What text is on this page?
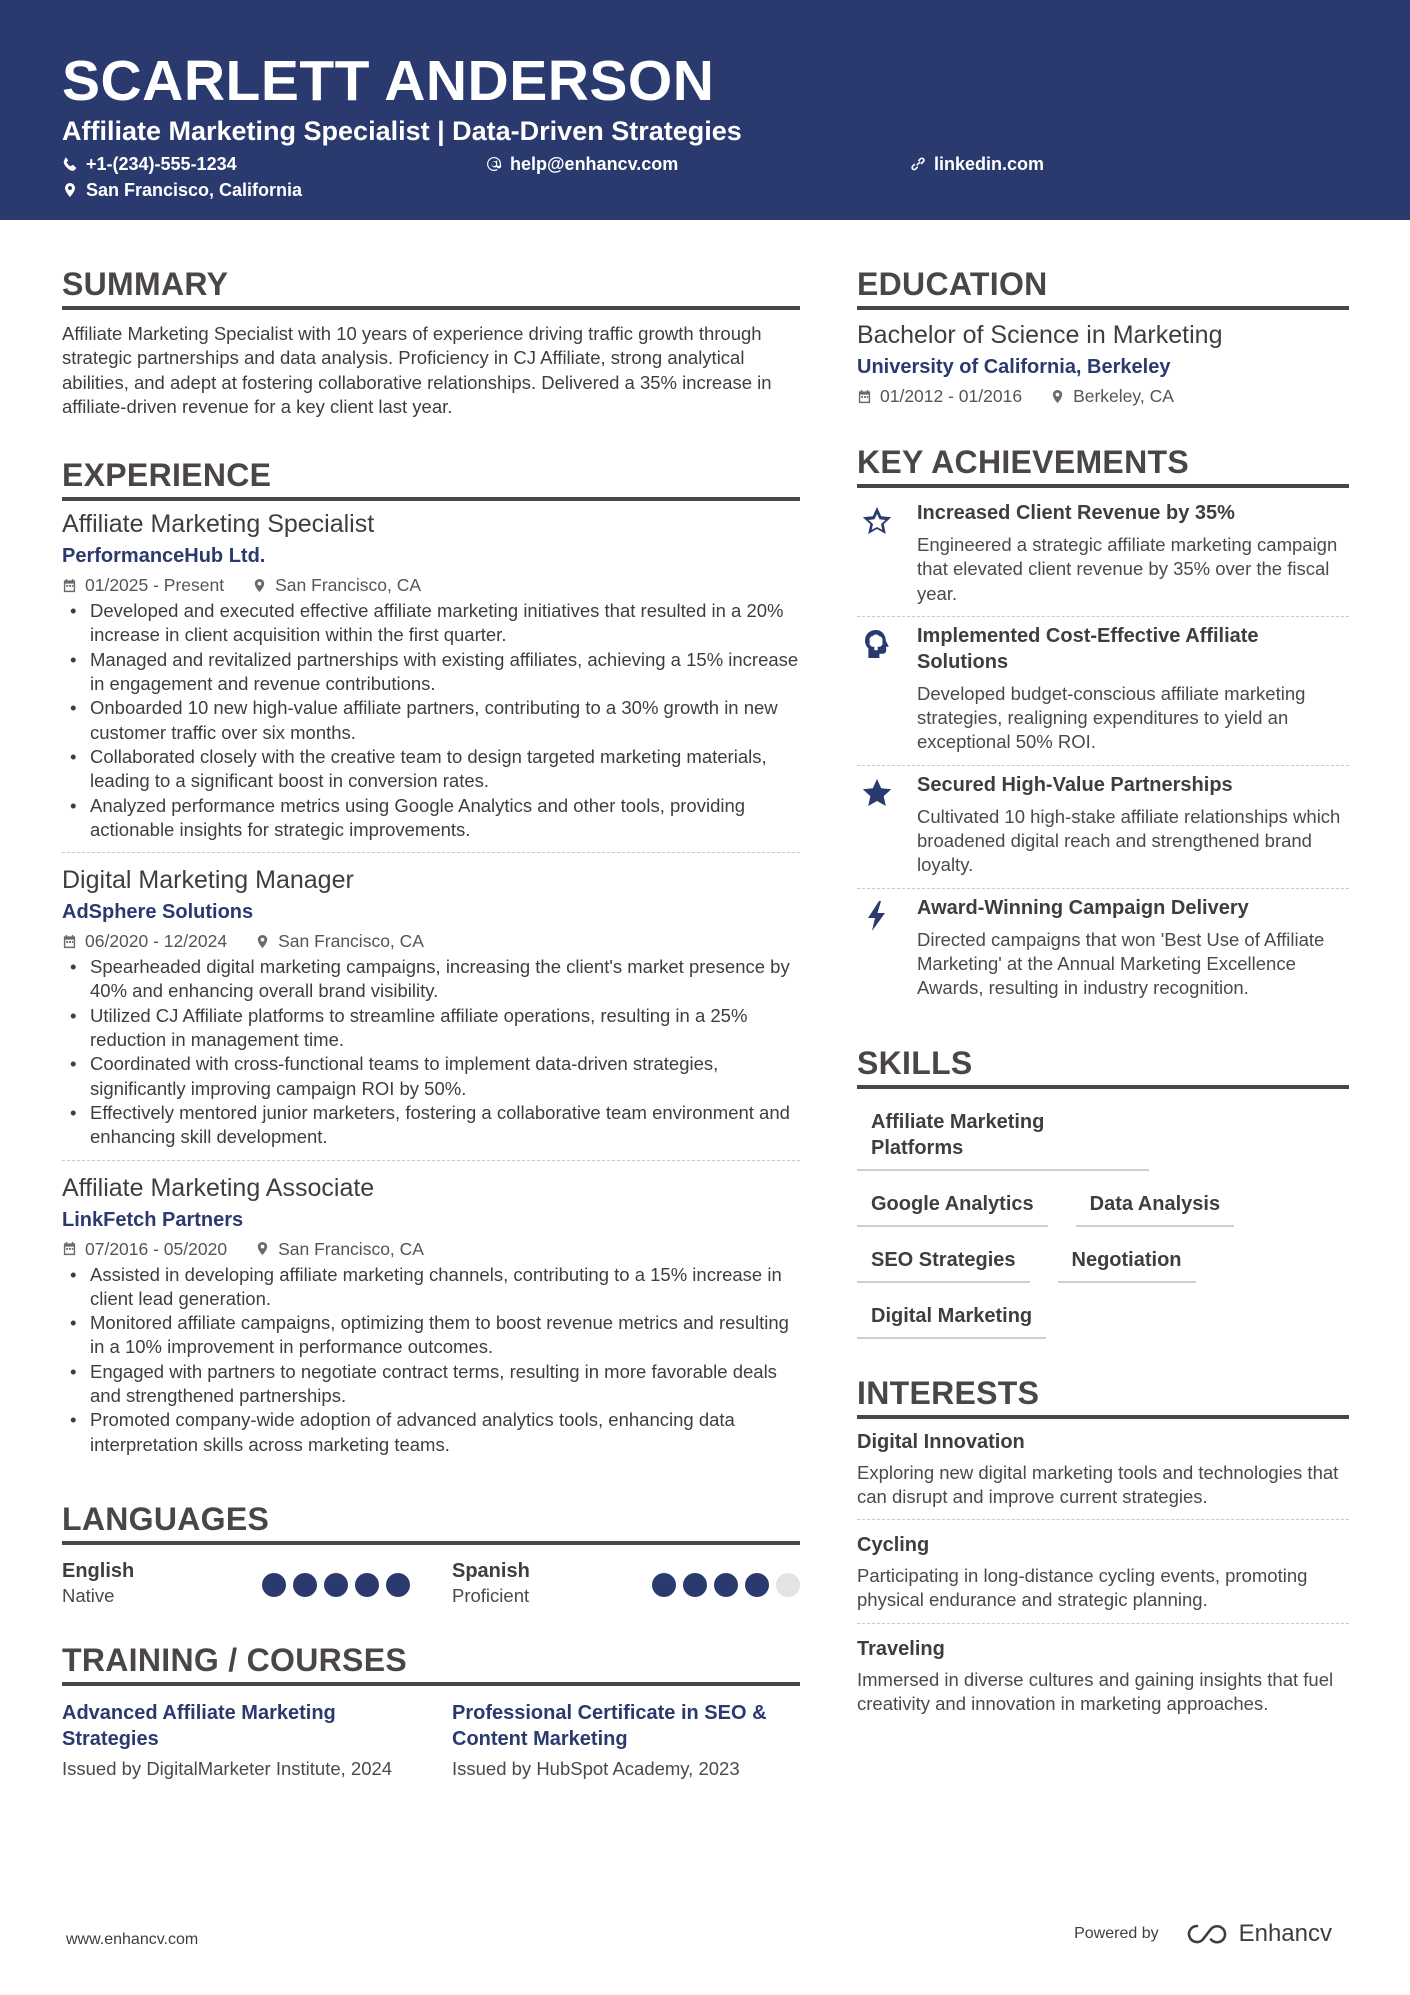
SCARLETT ANDERSON
Affiliate Marketing Specialist | Data-Driven Strategies
+1-(234)-555-1234	help@enhancv.com	linkedin.com
San Francisco, California
SUMMARY
Affiliate Marketing Specialist with 10 years of experience driving traffic growth through strategic partnerships and data analysis. Proficiency in CJ Affiliate, strong analytical abilities, and adept at fostering collaborative relationships. Delivered a 35% increase in affiliate-driven revenue for a key client last year.
EXPERIENCE
Affiliate Marketing Specialist
PerformanceHub Ltd.
01/2025 - Present	San Francisco, CA
• Developed and executed effective affiliate marketing initiatives that resulted in a 20% increase in client acquisition within the first quarter.
• Managed and revitalized partnerships with existing affiliates, achieving a 15% increase in engagement and revenue contributions.
• Onboarded 10 new high-value affiliate partners, contributing to a 30% growth in new customer traffic over six months.
• Collaborated closely with the creative team to design targeted marketing materials, leading to a significant boost in conversion rates.
• Analyzed performance metrics using Google Analytics and other tools, providing actionable insights for strategic improvements.
Digital Marketing Manager
AdSphere Solutions
06/2020 - 12/2024	San Francisco, CA
• Spearheaded digital marketing campaigns, increasing the client's market presence by 40% and enhancing overall brand visibility.
• Utilized CJ Affiliate platforms to streamline affiliate operations, resulting in a 25% reduction in management time.
• Coordinated with cross-functional teams to implement data-driven strategies, significantly improving campaign ROI by 50%.
• Effectively mentored junior marketers, fostering a collaborative team environment and enhancing skill development.
Affiliate Marketing Associate
LinkFetch Partners
07/2016 - 05/2020	San Francisco, CA
• Assisted in developing affiliate marketing channels, contributing to a 15% increase in client lead generation.
• Monitored affiliate campaigns, optimizing them to boost revenue metrics and resulting in a 10% improvement in performance outcomes.
• Engaged with partners to negotiate contract terms, resulting in more favorable deals and strengthened partnerships.
• Promoted company-wide adoption of advanced analytics tools, enhancing data interpretation skills across marketing teams.
LANGUAGES
English
Native
Spanish
Proficient
TRAINING / COURSES
Advanced Affiliate Marketing Strategies
Issued by DigitalMarketer Institute, 2024
Professional Certificate in SEO & Content Marketing
Issued by HubSpot Academy, 2023
EDUCATION
Bachelor of Science in Marketing
University of California, Berkeley
01/2012 - 01/2016	Berkeley, CA
KEY ACHIEVEMENTS
Increased Client Revenue by 35%
Engineered a strategic affiliate marketing campaign that elevated client revenue by 35% over the fiscal year.
Implemented Cost-Effective Affiliate Solutions
Developed budget-conscious affiliate marketing strategies, realigning expenditures to yield an exceptional 50% ROI.
Secured High-Value Partnerships
Cultivated 10 high-stake affiliate relationships which broadened digital reach and strengthened brand loyalty.
Award-Winning Campaign Delivery
Directed campaigns that won 'Best Use of Affiliate Marketing' at the Annual Marketing Excellence Awards, resulting in industry recognition.
SKILLS
Affiliate Marketing Platforms
Google Analytics	Data Analysis
SEO Strategies	Negotiation
Digital Marketing
INTERESTS
Digital Innovation
Exploring new digital marketing tools and technologies that can disrupt and improve current strategies.
Cycling
Participating in long-distance cycling events, promoting physical endurance and strategic planning.
Traveling
Immersed in diverse cultures and gaining insights that fuel creativity and innovation in marketing approaches.
www.enhancv.com	Powered by	Enhancv
